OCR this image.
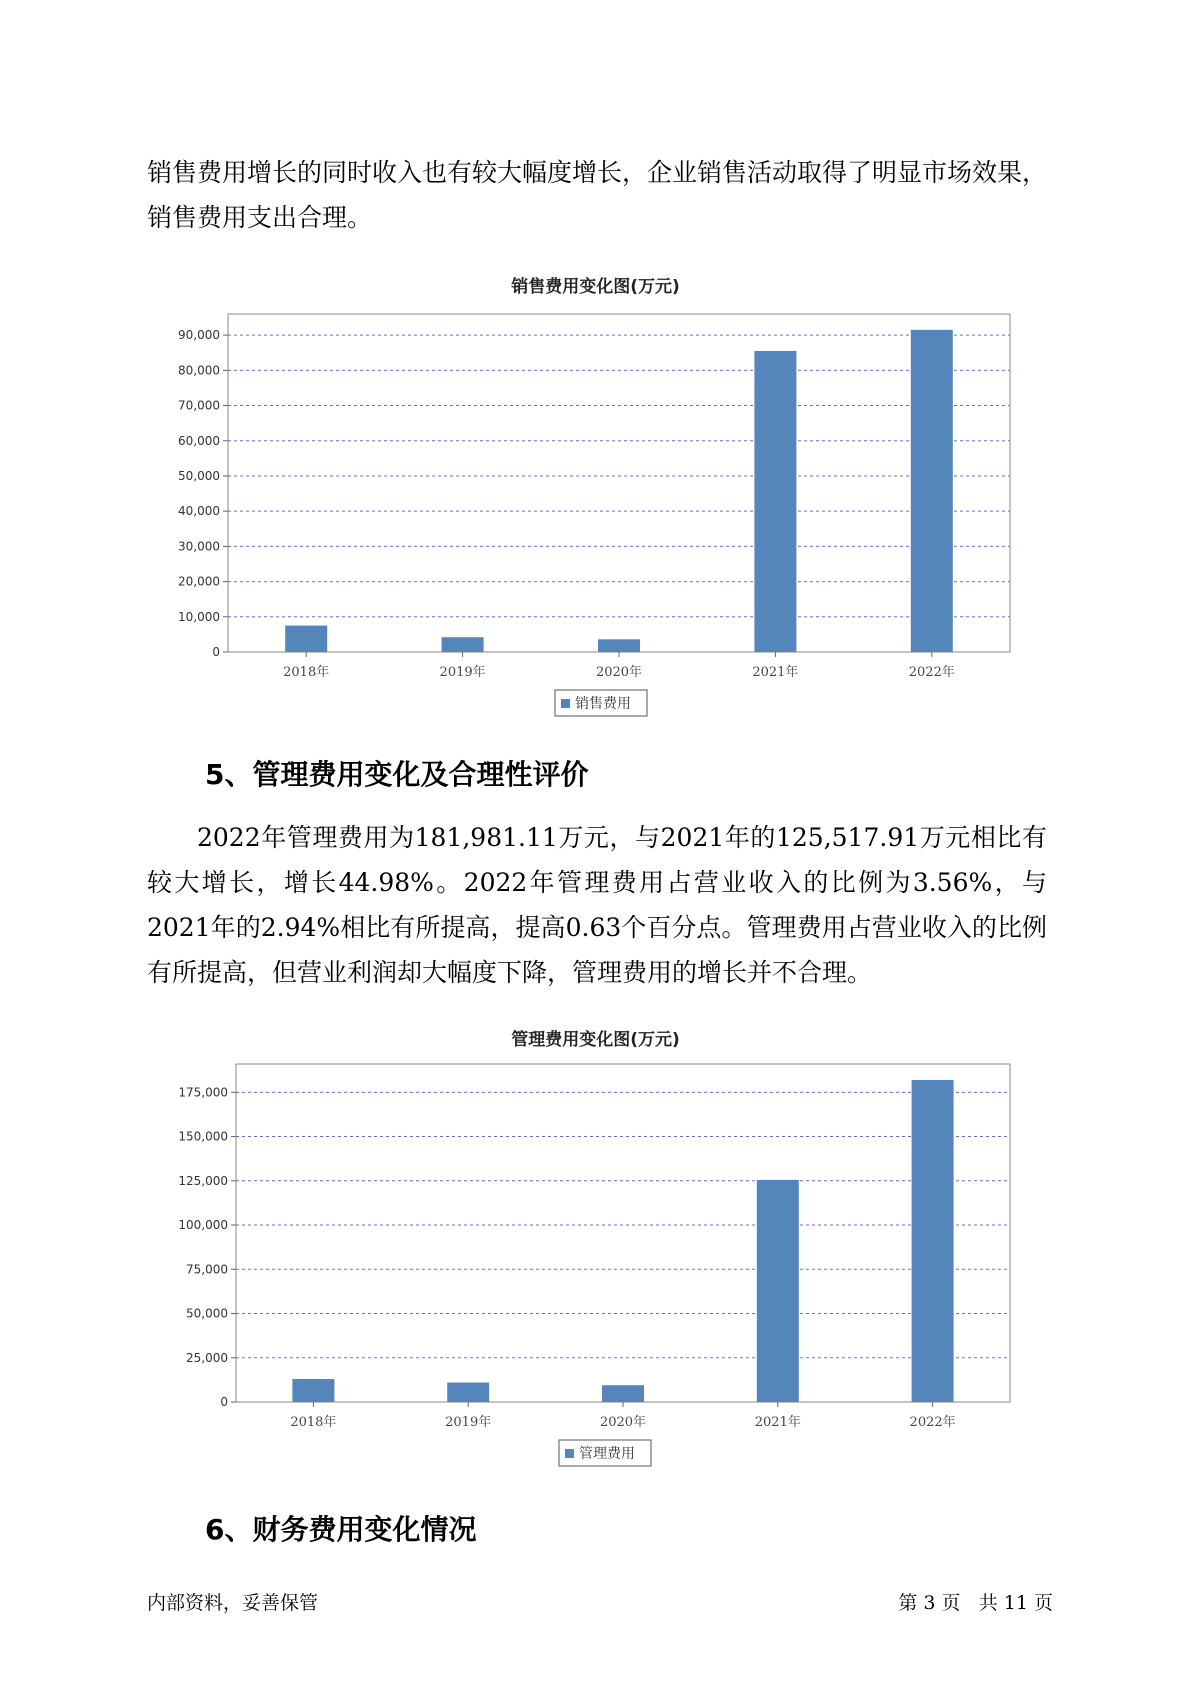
销售费用增长的同时收入也有较大幅度增长，企业销售活动取得了明显市场效果，销售费用支出合理。

销售费用变化图(万元)
0
10,000
20,000
30,000
40,000
50,000
60,000
70,000
80,000
90,000
2018年	2019年	2020年	2021年	2022年
销售费用
5、管理费用变化及合理性评价

2022年管理费用为181,981.11万元，与2021年的125,517.91万元相比有较大增长，增长44.98%。2022年管理费用占营业收入的比例为3.56%，与2021年的2.94%相比有所提高，提高0.63个百分点。管理费用占营业收入的比例有所提高，但营业利润却大幅度下降，管理费用的增长并不合理。

管理费用变化图(万元)
0
25,000
50,000
75,000
100,000
125,000
150,000
175,000
2018年	2019年	2020年	2021年	2022年
管理费用
6、财务费用变化情况
内部资料，妥善保管	第 3 页 共 11 页
